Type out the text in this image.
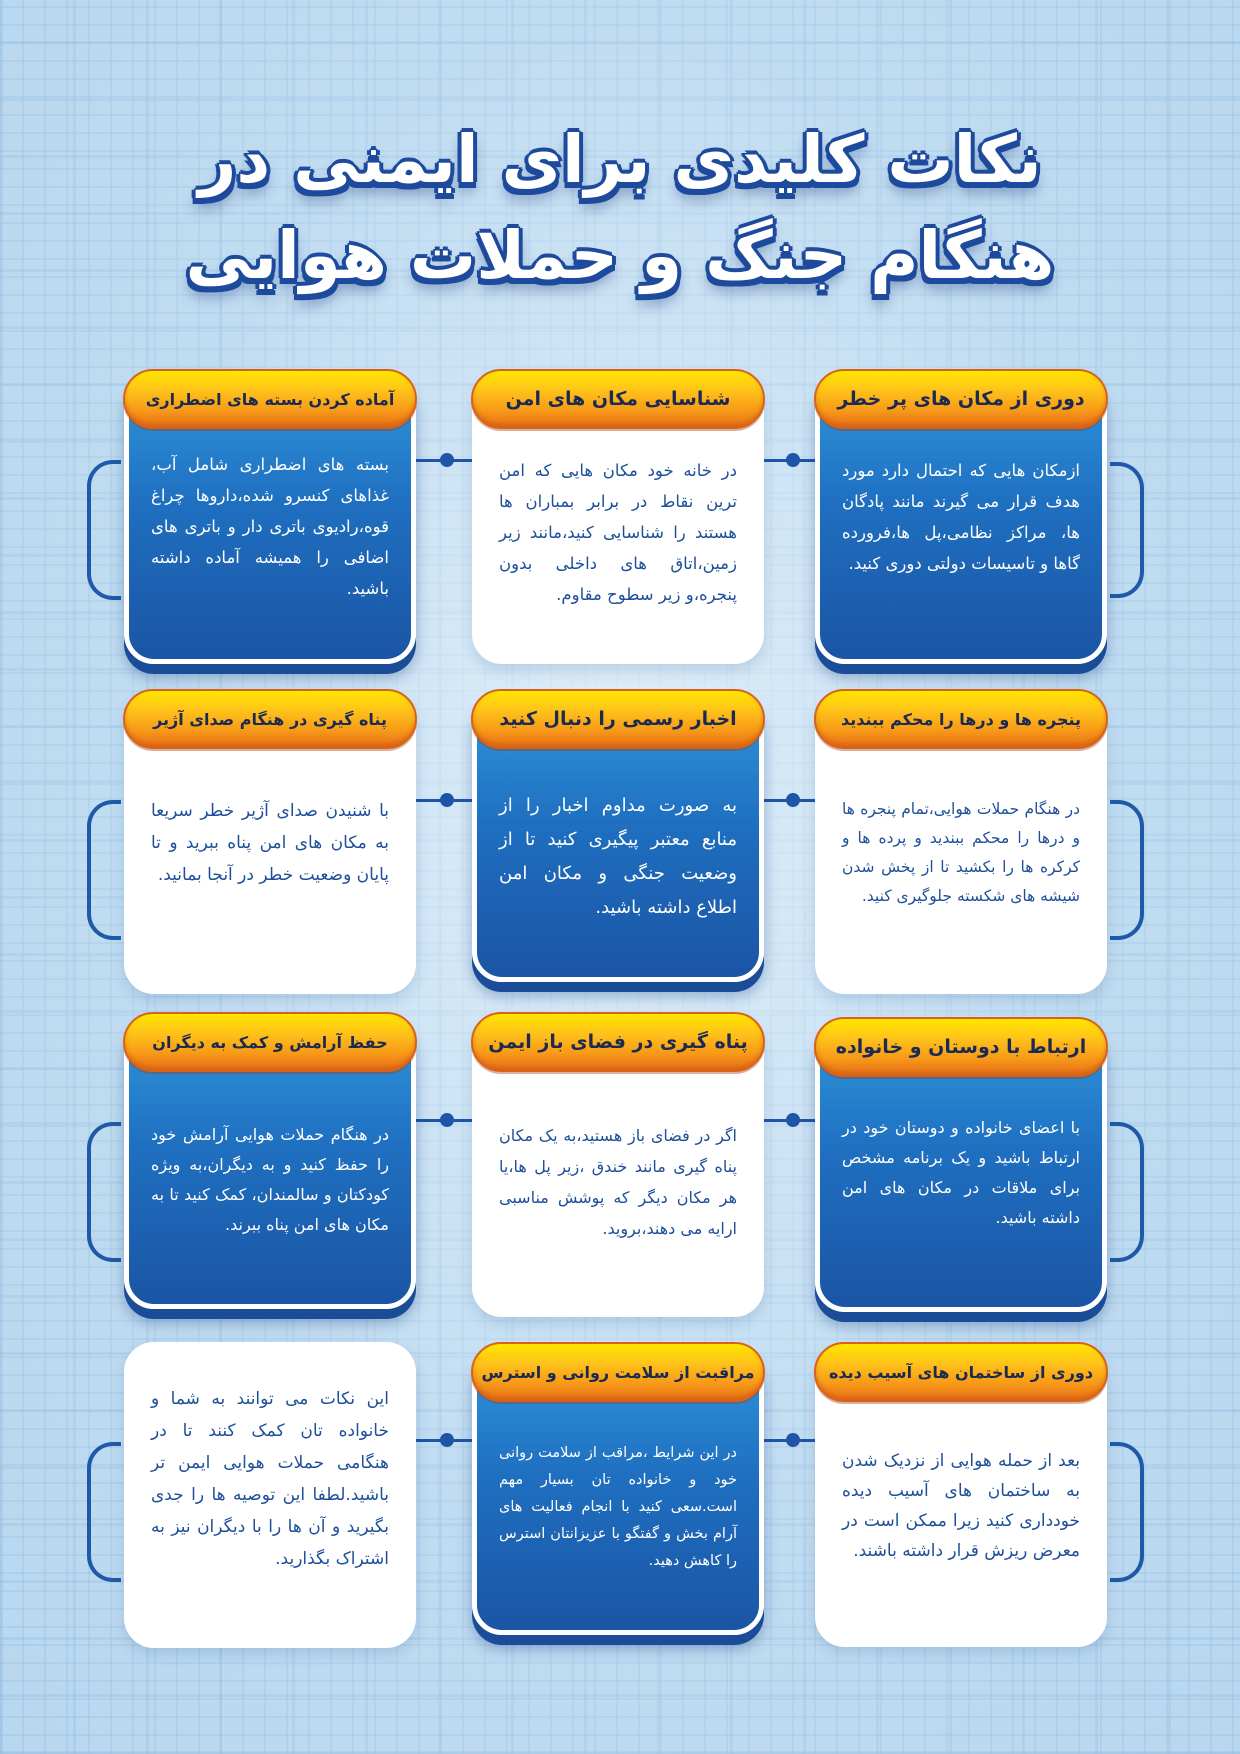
نکات کلیدی برای ایمنی در
هنگام جنگ و حملات هوایی
دوری از مکان های پر خطر
ازمکان هایی که احتمال دارد مورد هدف قرار می گیرند مانند پادگان ها، مراکز نظامی،پل ها،فرورده گاها و تاسیسات دولتی دوری کنید.
شناسایی مکان های امن
در خانه خود مکان هایی که امن ترین نقاط در برابر بمباران ها هستند را شناسایی کنید،مانند زیر زمین،اتاق های داخلی بدون پنجره،و زیر سطوح مقاوم.
آماده کردن بسته های اضطراری
بسته های اضطراری شامل آب، غذاهای کنسرو شده،داروها چراغ قوه،رادیوی باتری دار و باتری های اضافی را همیشه آماده داشته باشید.
پنجره ها و درها را محکم ببندید
در هنگام حملات هوایی،تمام پنجره ها و درها را محکم ببندید و پرده ها و کرکره ها را بکشید تا از پخش شدن شیشه های شکسته جلوگیری کنید.
اخبار رسمی را دنبال کنید
به صورت مداوم اخبار را از منابع معتبر پیگیری کنید تا از وضعیت جنگی و مکان امن اطلاع داشته باشید.
پناه گیری در هنگام صدای آژیر
با شنیدن صدای آژیر خطر سریعا به مکان های امن پناه ببرید و تا پایان وضعیت خطر در آنجا بمانید.
ارتباط با دوستان و خانواده
با اعضای خانواده و دوستان خود در ارتباط باشید و یک برنامه مشخص برای ملاقات در مکان های امن داشته باشید.
پناه گیری در فضای باز ایمن
اگر در فضای باز هستید،به یک مکان پناه گیری مانند خندق ،زیر پل ها،یا هر مکان دیگر که پوشش مناسبی ارایه می دهند،بروید.
حفظ آرامش و کمک به دیگران
در هنگام حملات هوایی آرامش خود را حفظ کنید و به دیگران،به ویژه کودکتان و سالمندان، کمک کنید تا به مکان های امن پناه ببرند.
دوری از ساختمان های آسیب دیده
بعد از حمله هوایی از نزدیک شدن به ساختمان های آسیب دیده خودداری کنید زیرا ممکن است در معرض ریزش قرار داشته باشند.
مراقبت از سلامت روانی و استرس
در این شرایط ،مراقب از سلامت روانی خود و خانواده تان بسیار مهم است.سعی کنید با انجام فعالیت های آرام بخش و گفتگو با عزیزانتان استرس را کاهش دهید.
این نکات می توانند به شما و خانواده تان کمک کنند تا در هنگامی حملات هوایی ایمن تر باشید.لطفا این توصیه ها را جدی بگیرید و آن ها را با دیگران نیز به اشتراک بگذارید.
